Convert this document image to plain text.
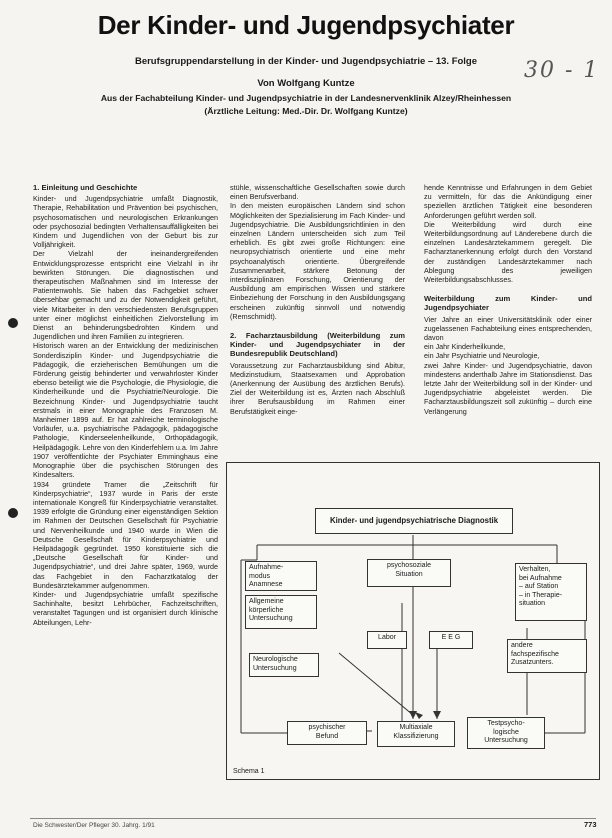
Der Kinder- und Jugendpsychiater
Berufsgruppendarstellung in der Kinder- und Jugendpsychiatrie – 13. Folge	30 - 1
Von Wolfgang Kuntze
Aus der Fachabteilung Kinder- und Jugendpsychiatrie in der Landesnervenklinik Alzey/Rheinhessen
(Ärztliche Leitung: Med.-Dir. Dr. Wolfgang Kuntze)
1. Einleitung und Geschichte

Kinder- und Jugendpsychiatrie umfaßt Diagnostik, Therapie, Rehabilitation und Prävention bei psychischen, psychosomatischen und neurologischen Erkrankungen oder psychosozial bedingten Verhaltensauffälligkeiten bei Kindern und Jugendlichen von der Geburt bis zur Volljährigkeit.

Der Vielzahl der ineinandergreifenden Entwicklungsprozesse entspricht eine Vielzahl in ihr bewirkten Störungen. Die diagnostischen und therapeutischen Maßnahmen sind im Interesse der Patientenwohls. Sie haben das Fachgebiet schwer übersehbar gemacht und zu der Notwendigkeit geführt, viele Mitarbeiter in den verschiedensten Berufsgruppen unter einer möglichst einheitlichen Zielvorstellung im Dienst an behinderungsbedrohten Kindern und Jugendlichen und ihren Familien zu integrieren.

Historisch waren an der Entwicklung der medizinischen Sonderdisziplin Kinder- und Jugendpsychiatrie die Pädagogik, die erzieherischen Bemühungen um die Förderung geistig behinderter und verwahrloster Kinder ebenso beteiligt wie die Psychologie, die Physiologie, die Kinderheilkunde und die Psychiatrie/Neurologie. Die Bezeichnung Kinder- und Jugendpsychiatrie taucht erstmals in einer Monographie des Franzosen M. Manheimer 1899 auf. Er hat zahlreiche terminologische Vorläufer, u.a. psychiatrische Pädagogik, pädagogische Pathologie, Kinderseelenheilkunde, Orthopädagogik, Heilpädagogik. Lehre von den Kinderfehlern u.a. Im Jahre 1907 veröffentlichte der Psychiater Emminghaus eine Monographie über die psychischen Störungen des Kindesalters.

1934 gründete Tramer die „Zeitschrift für Kinderpsychiatrie“, 1937 wurde in Paris der erste internationale Kongreß für Kinderpsychiatrie veranstaltet. 1939 erfolgte die Gründung einer eigenständigen Sektion im Rahmen der Deutschen Gesellschaft für Psychiatrie und Nervenheilkunde und 1940 wurde in Wien die Deutsche Gesellschaft für Kinderpsychiatrie und Heilpädagogik gegründet. 1950 konstituierte sich die „Deutsche Gesellschaft für Kinder- und Jugendpsychiatrie“, und drei Jahre später, 1969, wurde das Fachgebiet in den Facharztkatalog der Bundesärztekammer aufgenommen.

Kinder- und Jugendpsychiatrie umfaßt spezifische Sachinhalte, besitzt Lehrbücher, Fachzeitschriften, veranstaltet Tagungen und ist organisiert durch klinische Abteilungen, Lehr-

stühle, wissenschaftliche Gesellschaften sowie durch einen Berufsverband.

In den meisten europäischen Ländern sind schon Möglichkeiten der Spezialisierung im Fach Kinder- und Jugendpsychiatrie. Die Ausbildungsrichtlinien in den einzelnen Ländern unterscheiden sich zum Teil erheblich. Es gibt zwei große Richtungen: eine neuropsychiatrisch orientierte und eine mehr psychoanalytisch orientierte. Übergreifende Zusammenarbeit, stärkere Betonung der interdisziplinären Forschung, Orientierung der Ausbildung am empirischen Wissen und stärkere Einbeziehung der Forschung in den Ausbildungsgang erscheinen zukünftig sinnvoll und notwendig (Remschmidt).

2. Facharztausbildung (Weiterbildung zum Kinder- und Jugendpsychiater in der Bundesrepublik Deutschland)

Voraussetzung zur Facharztausbildung sind Abitur, Medizinstudium, Staatsexamen und Approbation (Anerkennung der Ausübung des ärztlichen Berufs). Ziel der Weiterbildung ist es, Ärzten nach Abschluß ihrer Berufsausbildung im Rahmen einer Berufstätigkeit einge-

hende Kenntnisse und Erfahrungen in dem Gebiet zu vermitteln, für das die Ankündigung einer speziellen ärztlichen Tätigkeit eine besonderen Anforderungen geführt werden soll.

Die Weiterbildung wird durch eine Weiterbildungsordnung auf Länderebene durch die einzelnen Landesärztekammern geregelt. Die Facharztanerkennung erfolgt durch den Vorstand der zuständigen Landesärztekammer nach Ablegung des jeweiligen Weiterbildungsabschlusses.

Weiterbildung zum Kinder- und Jugendpsychiater

Vier Jahre an einer Universitätsklinik oder einer zugelassenen Fachabteilung eines entsprechenden, davon

ein Jahr Kinderheilkunde,

ein Jahr Psychiatrie und Neurologie,

zwei Jahre Kinder- und Jugendpsychiatrie, davon mindestens anderthalb Jahre im Stationsdienst. Das letzte Jahr der Weiterbildung soll in der Kinder- und Jugendpsychiatrie abgeleistet werden. Die Facharztausbildungszeit soll zukünftig – durch eine Verlängerung

Kinder- und jugendpsychiatrische Diagnostik
Aufnahme-
modus
Anamnese
Allgemeine
körperliche
Untersuchung
psychosoziale
Situation
Verhalten,
bei Aufnahme
– auf Station
– in Therapie-
situation
Labor	E E G
Neurologische
Untersuchung
andere
fachspezifische
Zusatzunters.
psychischer
Befund
Multiaxiale
Klassifizierung
Testpsycho-
logische
Untersuchung
Schema 1
Die Schwester/Der Pfleger 30. Jahrg. 1/91	773
